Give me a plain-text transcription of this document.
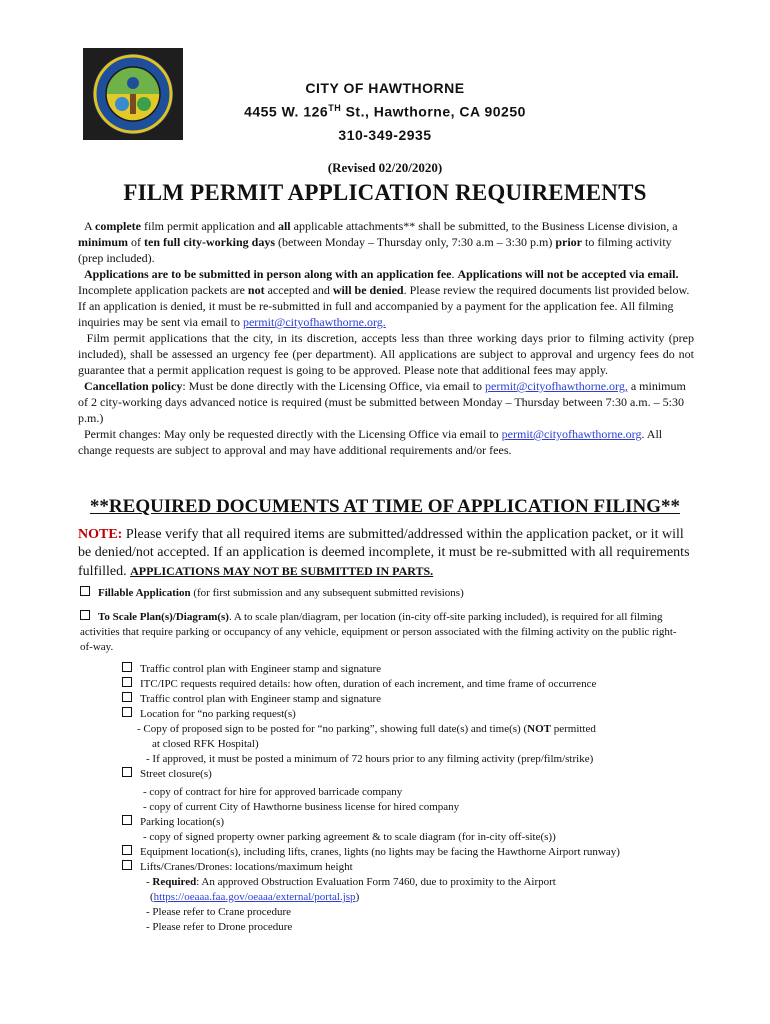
CITY OF HAWTHORNE
4455 W. 126TH St., Hawthorne, CA 90250
310-349-2935
(Revised 02/20/2020)
FILM PERMIT APPLICATION REQUIREMENTS

A complete film permit application and all applicable attachments** shall be submitted, to the Business License division, a minimum of ten full city-working days (between Monday – Thursday only, 7:30 a.m – 3:30 p.m) prior to filming activity (prep included).

Applications are to be submitted in person along with an application fee. Applications will not be accepted via email. Incomplete application packets are not accepted and will be denied. Please review the required documents list provided below. If an application is denied, it must be re-submitted in full and accompanied by a payment for the application fee. All filming inquiries may be sent via email to permit@cityofhawthorne.org.

Film permit applications that the city, in its discretion, accepts less than three working days prior to filming activity (prep included), shall be assessed an urgency fee (per department). All applications are subject to approval and urgency fees do not guarantee that a permit application request is going to be approved. Please note that additional fees may apply.

Cancellation policy: Must be done directly with the Licensing Office, via email to permit@cityofhawthorne.org, a minimum of 2 city-working days advanced notice is required (must be submitted between Monday – Thursday between 7:30 a.m. – 5:30 p.m.)

Permit changes: May only be requested directly with the Licensing Office via email to permit@cityofhawthorne.org. All change requests are subject to approval and may have additional requirements and/or fees.

**REQUIRED DOCUMENTS AT TIME OF APPLICATION FILING**
NOTE: Please verify that all required items are submitted/addressed within the application packet, or it will be denied/not accepted. If an application is deemed incomplete, it must be re-submitted with all requirements fulfilled. APPLICATIONS MAY NOT BE SUBMITTED IN PARTS.
Fillable Application (for first submission and any subsequent submitted revisions)
To Scale Plan(s)/Diagram(s). A to scale plan/diagram, per location (in-city off-site parking included), is required for all filming activities that require parking or occupancy of any vehicle, equipment or person associated with the filming activity on the public right-of-way.
Traffic control plan with Engineer stamp and signature
ITC/IPC requests required details: how often, duration of each increment, and time frame of occurrence
Traffic control plan with Engineer stamp and signature
Location for “no parking request(s)
- Copy of proposed sign to be posted for “no parking”, showing full date(s) and time(s) (NOT permitted
at closed RFK Hospital)
- If approved, it must be posted a minimum of 72 hours prior to any filming activity (prep/film/strike)
Street closure(s)
- copy of contract for hire for approved barricade company
- copy of current City of Hawthorne business license for hired company
Parking location(s)
- copy of signed property owner parking agreement & to scale diagram (for in-city off-site(s))
Equipment location(s), including lifts, cranes, lights (no lights may be facing the Hawthorne Airport runway)
Lifts/Cranes/Drones: locations/maximum height
- Required: An approved Obstruction Evaluation Form 7460, due to proximity to the Airport
(https://oeaaa.faa.gov/oeaaa/external/portal.jsp)
- Please refer to Crane procedure
- Please refer to Drone procedure
